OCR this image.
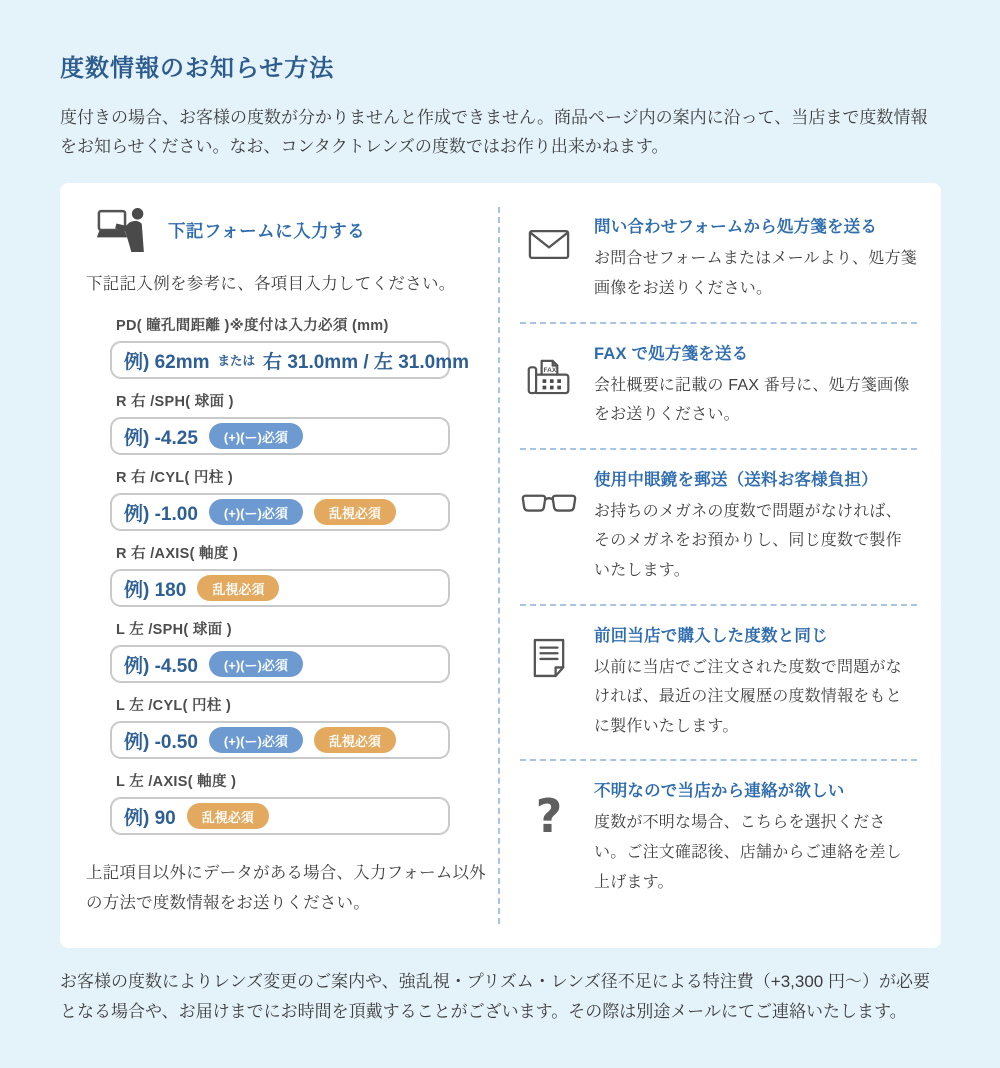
度数情報のお知らせ方法

度付きの場合、お客様の度数が分かりませんと作成できません。商品ページ内の案内に沿って、当店まで度数情報をお知らせください。なお、コンタクトレンズの度数ではお作り出来かねます。

下記フォームに入力する

下記記入例を参考に、各項目入力してください。

PD( 瞳孔間距離 )※度付は入力必須 (mm)
例) 62mm または 右 31.0mm / 左 31.0mm
R 右 /SPH( 球面 )
例) -4.25	(+)(ー)必須
R 右 /CYL( 円柱 )
例) -1.00	(+)(ー)必須	乱視必須
R 右 /AXIS( 軸度 )
例) 180	乱視必須
L 左 /SPH( 球面 )
例) -4.50	(+)(ー)必須
L 左 /CYL( 円柱 )
例) -0.50	(+)(ー)必須	乱視必須
L 左 /AXIS( 軸度 )
例) 90	乱視必須

上記項目以外にデータがある場合、入力フォーム以外の方法で度数情報をお送りください。

問い合わせフォームから処方箋を送る

お問合せフォームまたはメールより、処方箋画像をお送りください。

FAX
FAX で処方箋を送る

会社概要に記載の FAX 番号に、処方箋画像をお送りください。

使用中眼鏡を郵送（送料お客様負担）

お持ちのメガネの度数で問題がなければ、そのメガネをお預かりし、同じ度数で製作いたします。

前回当店で購入した度数と同じ

以前に当店でご注文された度数で問題がなければ、最近の注文履歴の度数情報をもとに製作いたします。

? 不明なので当店から連絡が欲しい

度数が不明な場合、こちらを選択ください。ご注文確認後、店舗からご連絡を差し上げます。

お客様の度数によりレンズ変更のご案内や、強乱視・プリズム・レンズ径不足による特注費（+3,300 円〜）が必要となる場合や、お届けまでにお時間を頂戴することがございます。その際は別途メールにてご連絡いたします。
